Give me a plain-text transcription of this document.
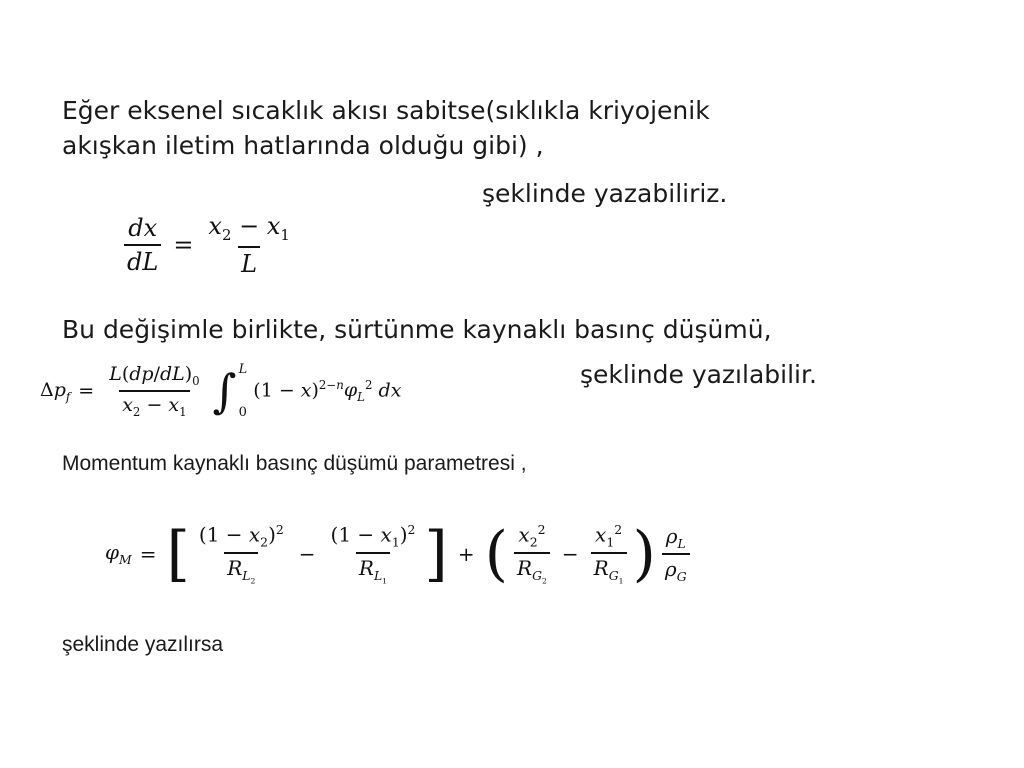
Eğer eksenel sıcaklık akısı sabitse(sıklıkla kriyojenik
akışkan iletim hatlarında olduğu gibi) ,
şeklinde yazabiliriz.
$\frac{dx}{dL} = \frac{x_2 - x_1}{L}$
Bu değişimle birlikte, sürtünme kaynaklı basınç düşümü,
şeklinde yazılabilir.
$\Delta p_f = \frac{L(dp/dL)_0}{x_2 - x_1}$ ∫ L
0
$(1 - x)^{2-n}\varphi_L^2$ dx
Momentum kaynaklı basınç düşümü parametresi ,
$\varphi_M$ = [ $\frac{(1 - x_2)^2}{R_{L_2}} - \frac{(1 - x_1)^2}{R_{L_1}}$ ] + ( $\frac{x_2^2}{R_{G_2}} - \frac{x_1^2}{R_{G_1}}$ ) $\frac{\rho_L}{\rho_G}$
şeklinde yazılırsa
